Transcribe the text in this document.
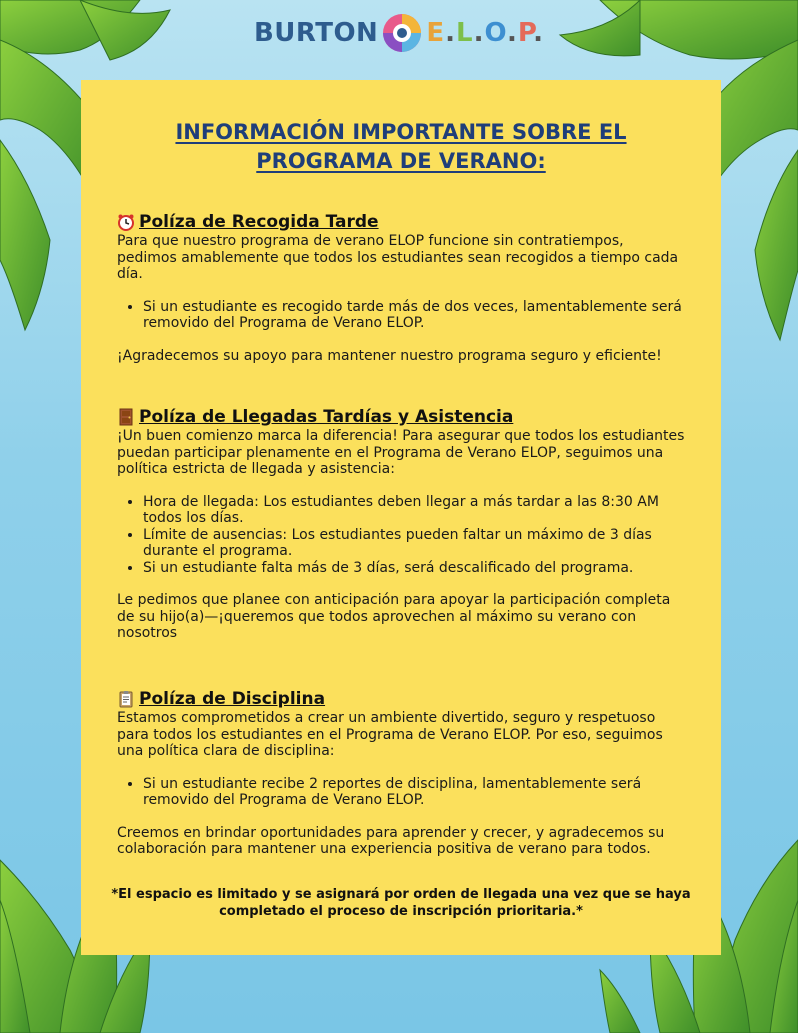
BURTON E.L.O.P.
INFORMACIÓN IMPORTANTE SOBRE EL
PROGRAMA DE VERANO:
Políza de Recogida Tarde

Para que nuestro programa de verano ELOP funcione sin contratiempos, pedimos amablemente que todos los estudiantes sean recogidos a tiempo cada día.

• Si un estudiante es recogido tarde más de dos veces, lamentablemente será removido del Programa de Verano ELOP.

¡Agradecemos su apoyo para mantener nuestro programa seguro y eficiente!

Políza de Llegadas Tardías y Asistencia

¡Un buen comienzo marca la diferencia! Para asegurar que todos los estudiantes puedan participar plenamente en el Programa de Verano ELOP, seguimos una política estricta de llegada y asistencia:

• Hora de llegada: Los estudiantes deben llegar a más tardar a las 8:30 AM todos los días.
• Límite de ausencias: Los estudiantes pueden faltar un máximo de 3 días durante el programa.
• Si un estudiante falta más de 3 días, será descalificado del programa.

Le pedimos que planee con anticipación para apoyar la participación completa de su hijo(a)—¡queremos que todos aprovechen al máximo su verano con nosotros

Políza de Disciplina

Estamos comprometidos a crear un ambiente divertido, seguro y respetuoso para todos los estudiantes en el Programa de Verano ELOP. Por eso, seguimos una política clara de disciplina:

• Si un estudiante recibe 2 reportes de disciplina, lamentablemente será removido del Programa de Verano ELOP.

Creemos en brindar oportunidades para aprender y crecer, y agradecemos su colaboración para mantener una experiencia positiva de verano para todos.

*El espacio es limitado y se asignará por orden de llegada una vez que se haya completado el proceso de inscripción prioritaria.*
